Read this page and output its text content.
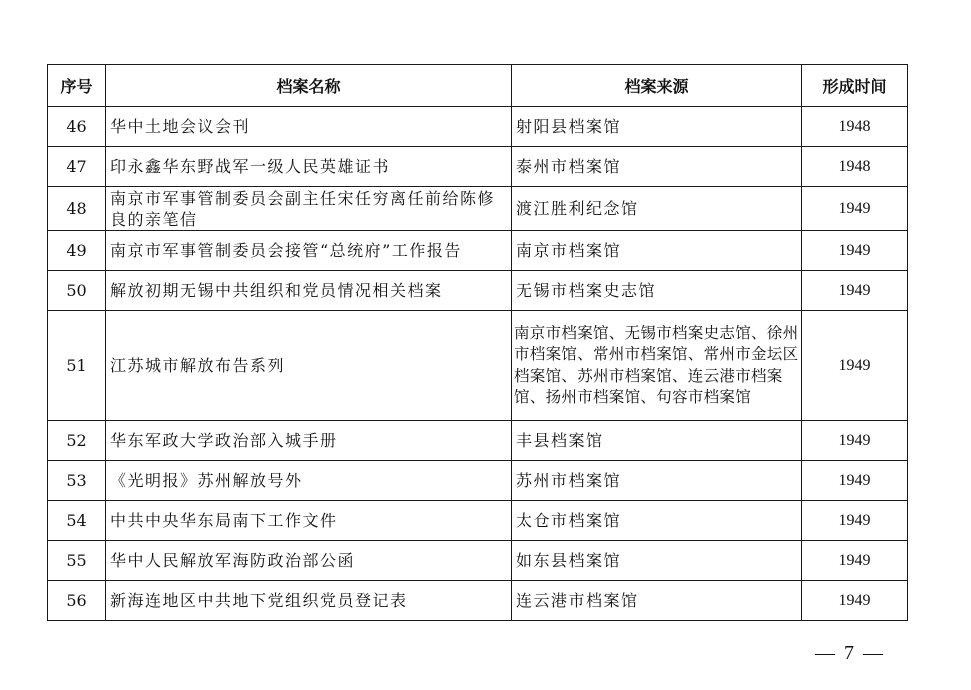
序号	档案名称	档案来源	形成时间
46	华中土地会议会刊	射阳县档案馆	1948
47	印永鑫华东野战军一级人民英雄证书	泰州市档案馆	1948
48	南京市军事管制委员会副主任宋任穷离任前给陈修良的亲笔信	渡江胜利纪念馆	1949
49	南京市军事管制委员会接管“总统府”工作报告	南京市档案馆	1949
50	解放初期无锡中共组织和党员情况相关档案	无锡市档案史志馆	1949
51	江苏城市解放布告系列	南京市档案馆、无锡市档案史志馆、徐州市档案馆、常州市档案馆、常州市金坛区档案馆、苏州市档案馆、连云港市档案馆、扬州市档案馆、句容市档案馆	1949
52	华东军政大学政治部入城手册	丰县档案馆	1949
53	《光明报》苏州解放号外	苏州市档案馆	1949
54	中共中央华东局南下工作文件	太仓市档案馆	1949
55	华中人民解放军海防政治部公函	如东县档案馆	1949
56	新海连地区中共地下党组织党员登记表	连云港市档案馆	1949
— 7 —
